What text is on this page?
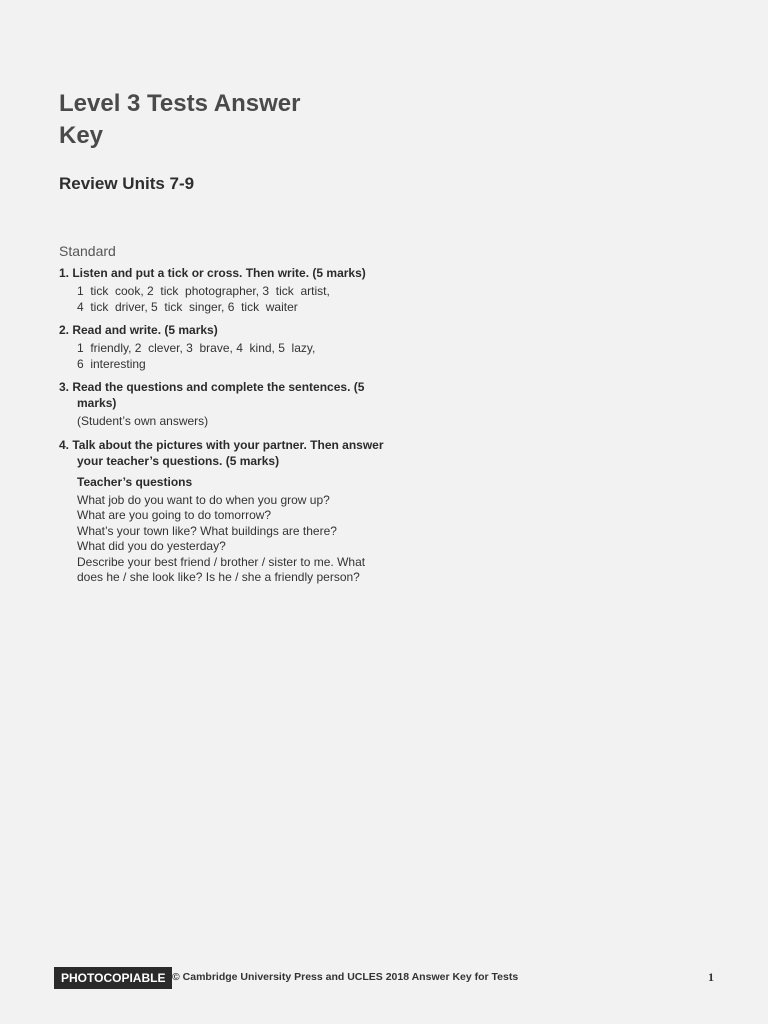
Level 3 Tests Answer
Key
Review Units 7-9
Standard

1. Listen and put a tick or cross. Then write. (5 marks)

1  tick  cook, 2  tick  photographer, 3  tick  artist,
4  tick  driver, 5  tick  singer, 6  tick  waiter

2. Read and write. (5 marks)

1  friendly, 2  clever, 3  brave, 4  kind, 5  lazy,
6  interesting

3. Read the questions and complete the sentences. (5 marks)

(Student’s own answers)

4. Talk about the pictures with your partner. Then answer your teacher’s questions. (5 marks)

Teacher’s questions
What job do you want to do when you grow up?
What are you going to do tomorrow?
What’s your town like? What buildings are there?
What did you do yesterday?
Describe your best friend / brother / sister to me. What
does he / she look like? Is he / she a friendly person?
PHOTOCOPIABLE © Cambridge University Press and UCLES 2018 Answer Key for Tests	1
